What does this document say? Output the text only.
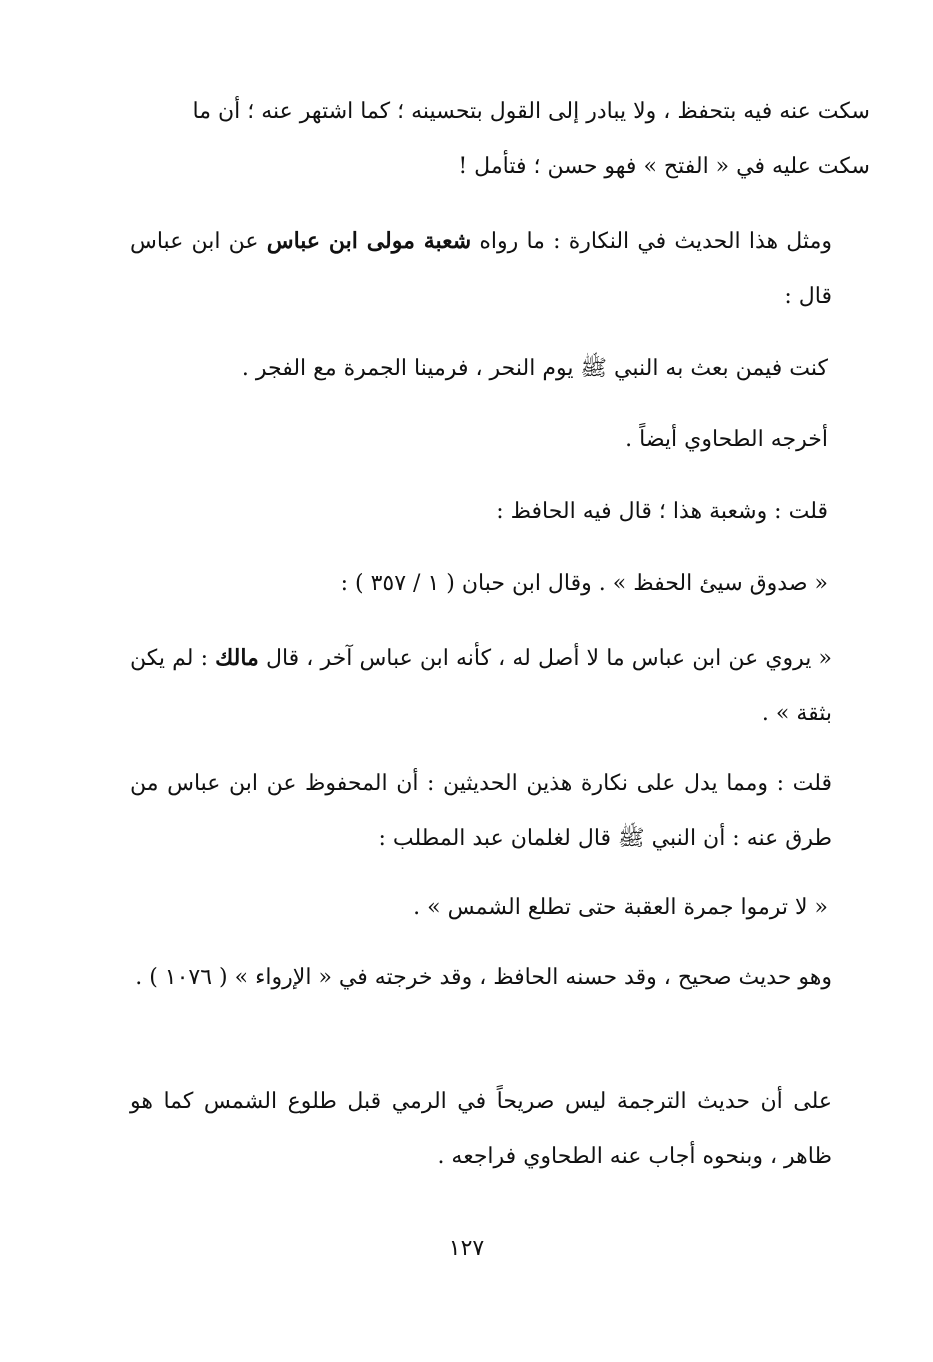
سكت عنه فيه بتحفظ ، ولا يبادر إلى القول بتحسينه ؛ كما اشتهر عنه ؛ أن ما
سكت عليه في « الفتح » فهو حسن ؛ فتأمل !
ومثل هذا الحديث في النكارة : ما رواه شعبة مولى ابن عباس عن ابن عباس قال :
كنت فيمن بعث به النبي ﷺ يوم النحر ، فرمينا الجمرة مع الفجر .
أخرجه الطحاوي أيضاً .
قلت : وشعبة هذا ؛ قال فيه الحافظ :
« صدوق سيئ الحفظ » . وقال ابن حبان ( ١ / ٣٥٧ ) :
« يروي عن ابن عباس ما لا أصل له ، كأنه ابن عباس آخر ، قال مالك : لم يكن بثقة » .
قلت : ومما يدل على نكارة هذين الحديثين : أن المحفوظ عن ابن عباس من طرق عنه : أن النبي ﷺ قال لغلمان عبد المطلب :
« لا ترموا جمرة العقبة حتى تطلع الشمس » .
وهو حديث صحيح ، وقد حسنه الحافظ ، وقد خرجته في « الإرواء » ( ١٠٧٦ ) .
على أن حديث الترجمة ليس صريحاً في الرمي قبل طلوع الشمس كما هو ظاهر ، وبنحوه أجاب عنه الطحاوي فراجعه .
١٢٧
